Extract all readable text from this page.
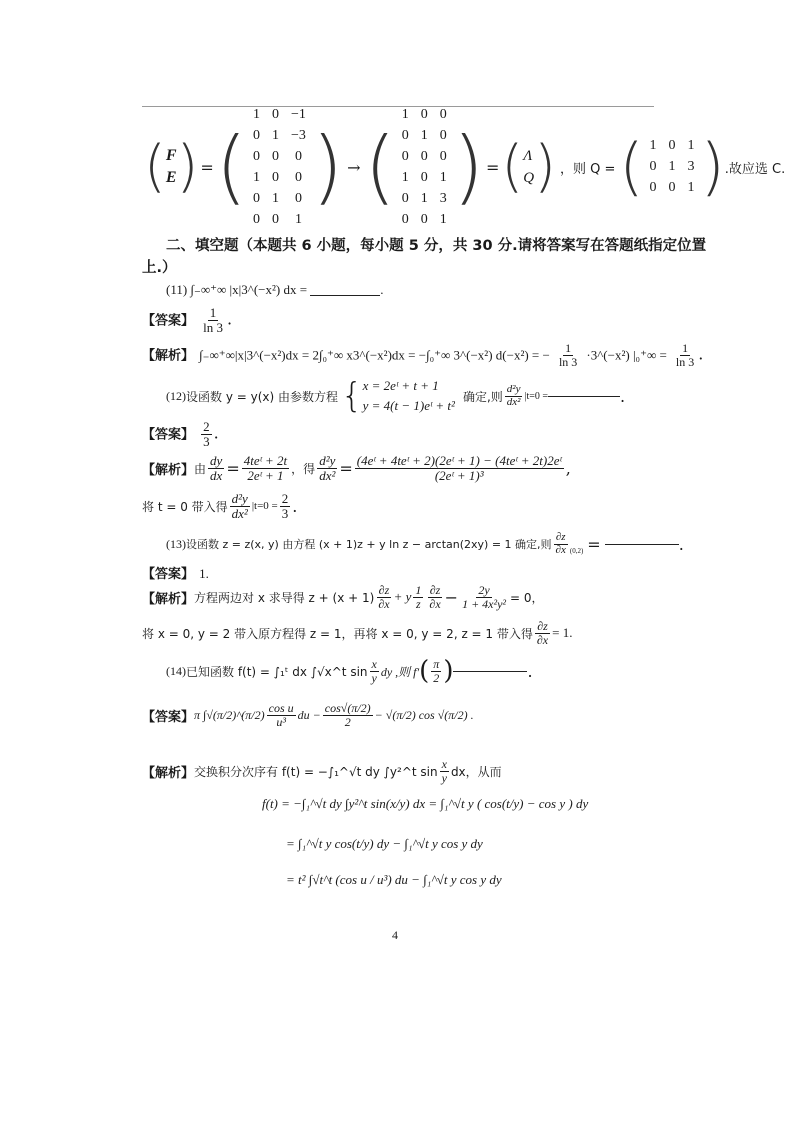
( F
E ) = (
1	0	−1
0	1	−3
0	0	0
1	0	0
0	1	0
0	0	1
) → (
1	0	0
0	1	0
0	0	0
1	0	1
0	1	3
0	0	1
) = ( Λ
Q ) ，则 Q = ( 1	0	1
0	1	3
0	0	1 ) .故应选 C.
二、填空题（本题共 6 小题，每小题 5 分，共 30 分.请将答案写在答题纸指定位置
上.）
(11) ∫₋∞⁺∞ |x|3^(−x²) dx =	.
【答案】 $\frac{1}{\ln 3}$ .
【解析】 ∫₋∞⁺∞|x|3^(−x²)dx = 2∫₀⁺∞ x3^(−x²)dx = −∫₀⁺∞ 3^(−x²) d(−x²) = − $\frac{1}{\ln 3}$ ·3^(−x²) $|_0^+\infty = \frac{1}{\ln 3}$ .
(12) 设函数 y = y(x) 由参数方程 { x = 2eᵗ + t + 1
y = 4(t − 1)eᵗ + t²
确定,则 $\frac{\text{d²y}}{\text{dx²}} |t=0$ =	.
【答案】 $\frac{2}{3}$ .
【解析】 由 $\frac{dy}{dx} = \frac{\text{4teᵗ + 2t}}{\text{2eᵗ + 1}}$ ，得 $\frac{\text{d²y}}{\text{dx²}} = \frac{\text{(4eᵗ + 4teᵗ + 2)(2eᵗ + 1) − (4teᵗ + 2t)2eᵗ}}{\text{(2eᵗ + 1)³}}$ ,
将 t = 0 带入得 $\frac{\text{d²y}}{\text{dx²}} |t=0 = \frac{2}{3}$ .
(13) 设函数 z = z(x, y) 由方程 (x + 1)z + y ln z − arctan(2xy) = 1 确定,则 $\frac{\partial z}{\partial x} (0,2)$ =	.
【答案】 1.
【解析】 方程两边对 x 求导得 $z + (x + 1) \frac{\partial z}{\partial x} + y \frac{1}{z} \frac{\partial z}{\partial x} - \frac{2y}{\text{1 + 4x²y²}} = 0$，
将 x = 0, y = 2 带入原方程得 z = 1，再将 x = 0, y = 2, z = 1 带入得 $\frac{\partial z}{\partial x} = 1$.
(14) 已知函数 f(t) = ∫₁ᵗ dx ∫√x^t $\sin \frac{x}{y}$ dy ,则 f′ ( $\frac{\pi}{2}$ )	.
【答案】 π ∫√(π/2)^(π/2) $\frac{\text{cos u}}{\text{u³}}$ du − $\frac{\cos√(\pi/2)}{2} - √(\pi/2)$ cos √(π/2) .
【解析】 交换积分次序有 f(t) = −∫₁^√t dy ∫y²^t $\sin \frac{x}{y}$ dx，从而
f(t) = −∫₁^√t dy ∫y²^t sin(x/y) dx = ∫₁^√t y ( cos(t/y) − cos y ) dy
= ∫₁^√t y cos(t/y) dy − ∫₁^√t y cos y dy
= t² ∫√t^t (cos u / u³) du − ∫₁^√t y cos y dy
4
